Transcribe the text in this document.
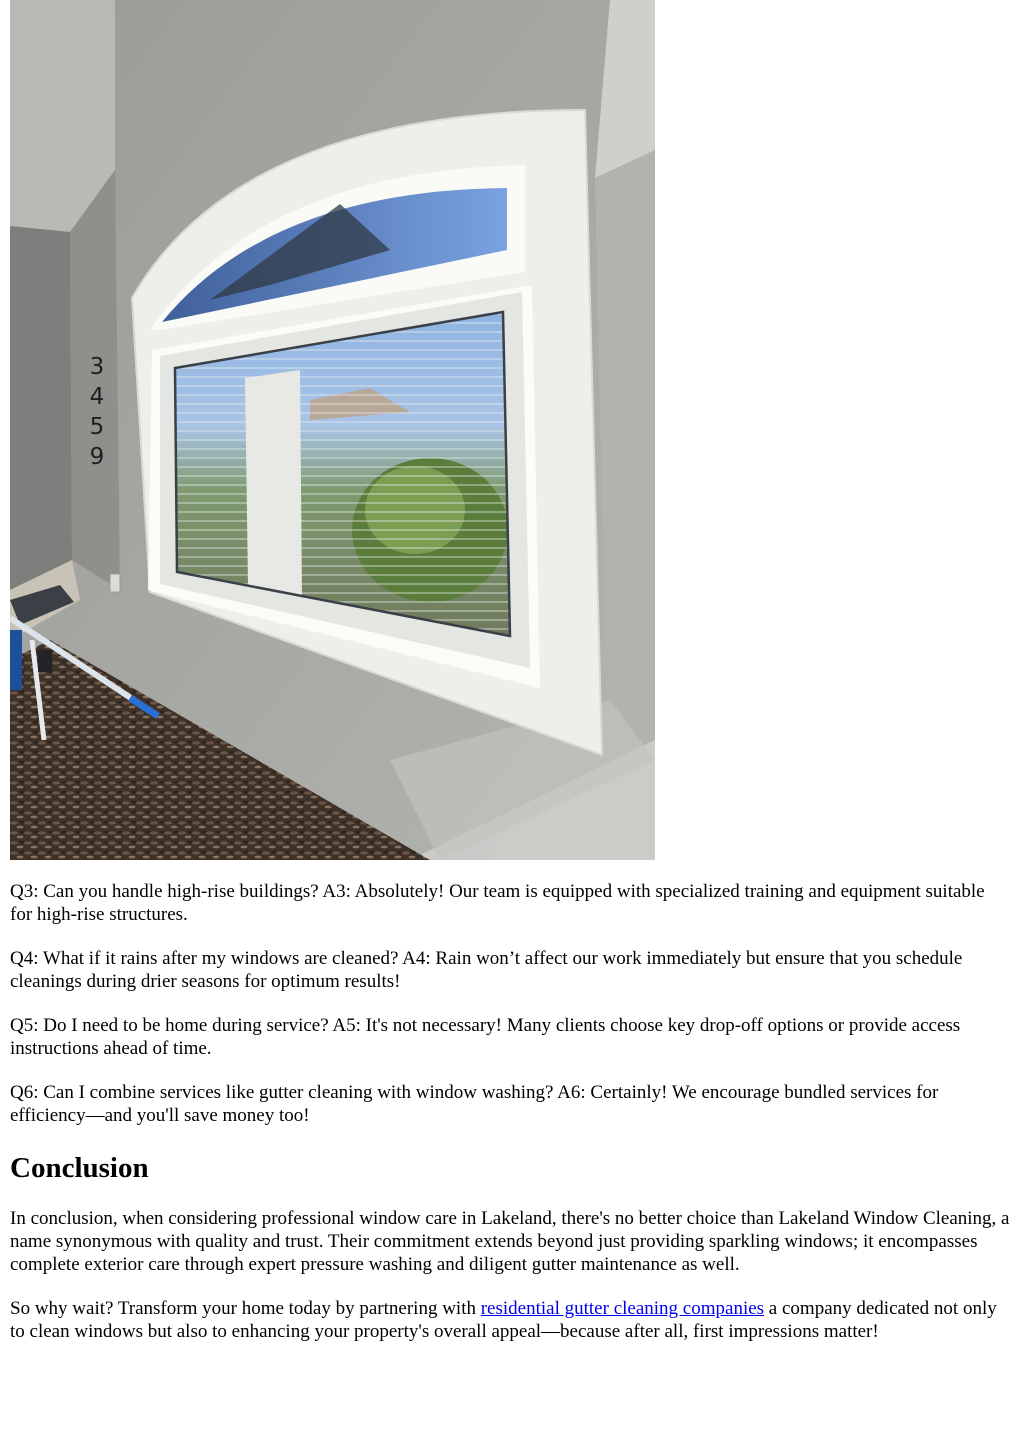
3
4
5
9

Q3: Can you handle high-rise buildings? A3: Absolutely! Our team is equipped with specialized training and equipment suitable for high-rise structures.

Q4: What if it rains after my windows are cleaned? A4: Rain won’t affect our work immediately but ensure that you schedule cleanings during drier seasons for optimum results!

Q5: Do I need to be home during service? A5: It's not necessary! Many clients choose key drop-off options or provide access instructions ahead of time.

Q6: Can I combine services like gutter cleaning with window washing? A6: Certainly! We encourage bundled services for efficiency—and you'll save money too!

Conclusion

In conclusion, when considering professional window care in Lakeland, there's no better choice than Lakeland Window Cleaning, a name synonymous with quality and trust. Their commitment extends beyond just providing sparkling windows; it encompasses complete exterior care through expert pressure washing and diligent gutter maintenance as well.

So why wait? Transform your home today by partnering with residential gutter cleaning companies a company dedicated not only to clean windows but also to enhancing your property's overall appeal—because after all, first impressions matter!
